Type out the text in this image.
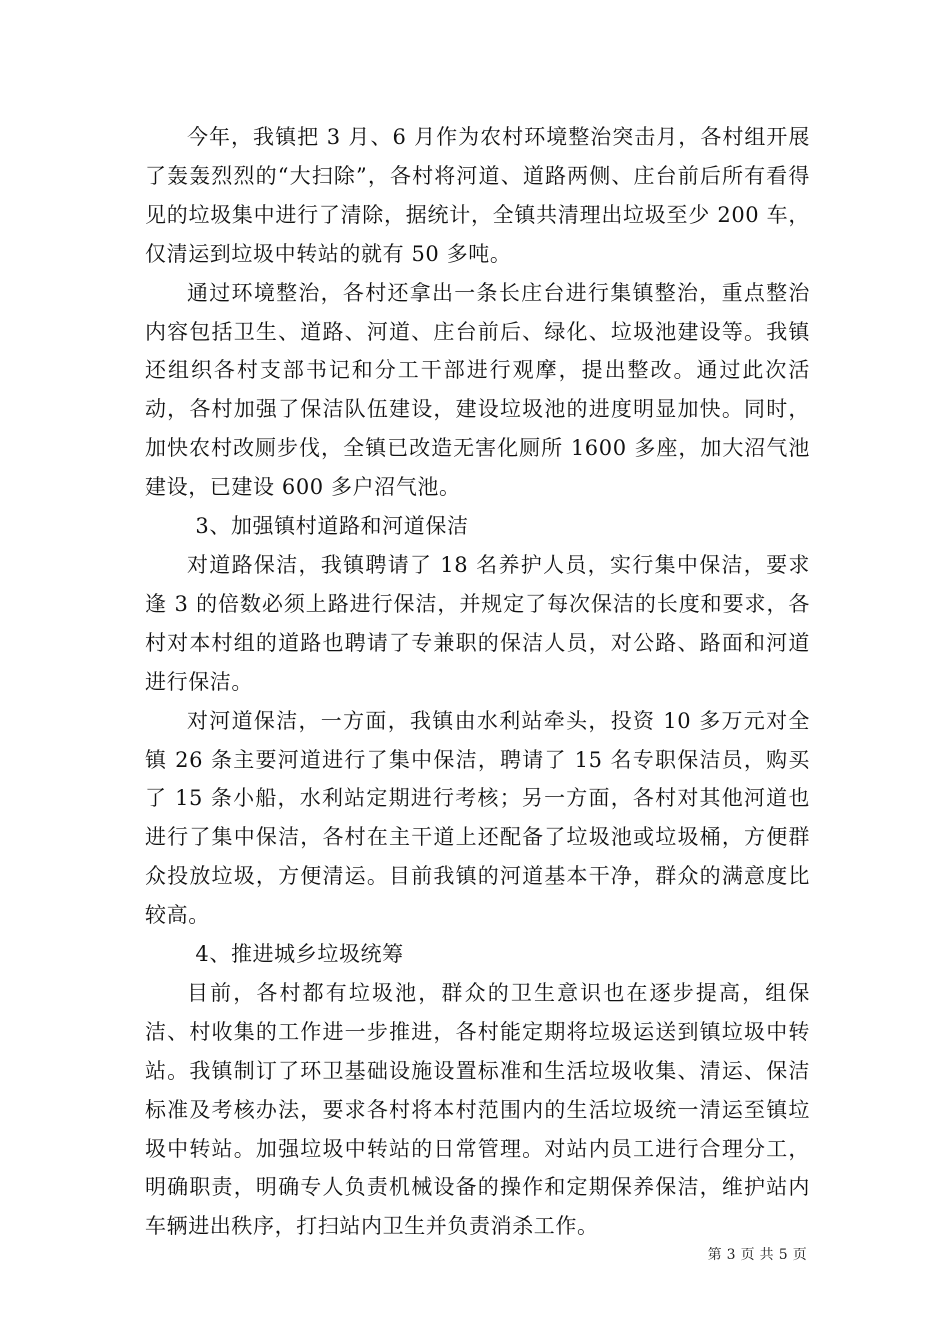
今年，我镇把 3 月、6 月作为农村环境整治突击月，各村组开展了轰轰烈烈的“大扫除”，各村将河道、道路两侧、庄台前后所有看得见的垃圾集中进行了清除，据统计，全镇共清理出垃圾至少 200 车，仅清运到垃圾中转站的就有 50 多吨。

通过环境整治，各村还拿出一条长庄台进行集镇整治，重点整治内容包括卫生、道路、河道、庄台前后、绿化、垃圾池建设等。我镇还组织各村支部书记和分工干部进行观摩，提出整改。通过此次活动，各村加强了保洁队伍建设，建设垃圾池的进度明显加快。同时，加快农村改厕步伐，全镇已改造无害化厕所 1600 多座，加大沼气池建设，已建设 600 多户沼气池。

3、加强镇村道路和河道保洁

对道路保洁，我镇聘请了 18 名养护人员，实行集中保洁，要求逢 3 的倍数必须上路进行保洁，并规定了每次保洁的长度和要求，各村对本村组的道路也聘请了专兼职的保洁人员，对公路、路面和河道进行保洁。

对河道保洁，一方面，我镇由水利站牵头，投资 10 多万元对全镇 26 条主要河道进行了集中保洁，聘请了 15 名专职保洁员，购买了 15 条小船，水利站定期进行考核；另一方面，各村对其他河道也进行了集中保洁，各村在主干道上还配备了垃圾池或垃圾桶，方便群众投放垃圾，方便清运。目前我镇的河道基本干净，群众的满意度比较高。

4、推进城乡垃圾统筹

目前，各村都有垃圾池，群众的卫生意识也在逐步提高，组保洁、村收集的工作进一步推进，各村能定期将垃圾运送到镇垃圾中转站。我镇制订了环卫基础设施设置标准和生活垃圾收集、清运、保洁标准及考核办法，要求各村将本村范围内的生活垃圾统一清运至镇垃圾中转站。加强垃圾中转站的日常管理。对站内员工进行合理分工，明确职责，明确专人负责机械设备的操作和定期保养保洁，维护站内车辆进出秩序，打扫站内卫生并负责消杀工作。

第 3 页 共 5 页
